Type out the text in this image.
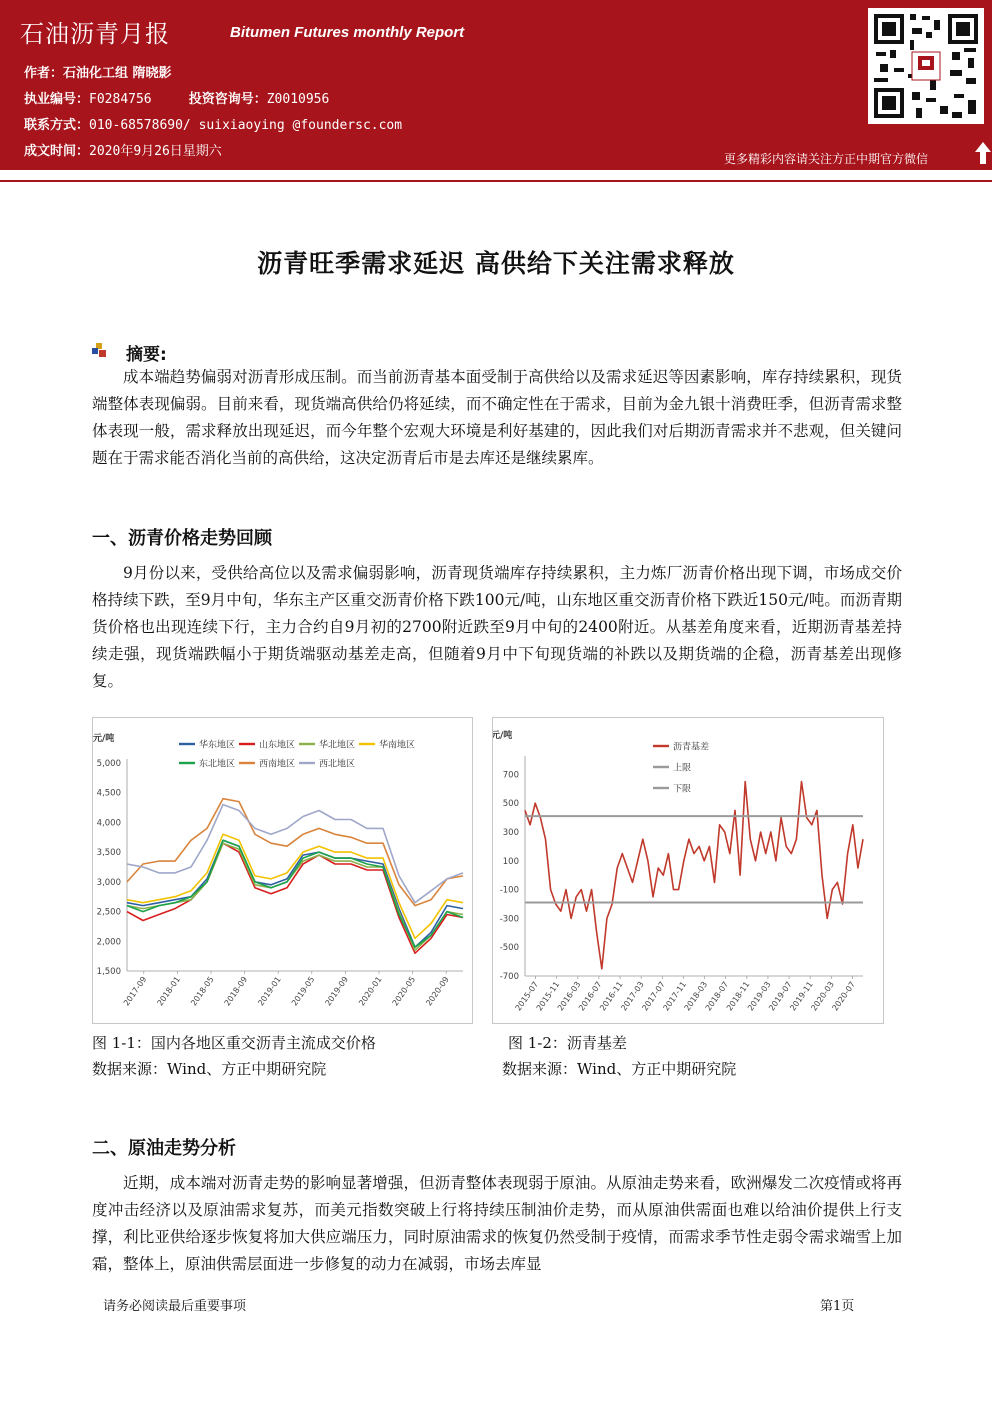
石油沥青月报	Bitumen Futures monthly Report
作者：石油化工组 隋晓影
执业编号：F0284756	投资咨询号：Z0010956
联系方式：010-68578690/ suixiaoying @foundersc.com
成文时间：2020年9月26日星期六	更多精彩内容请关注方正中期官方微信
沥青旺季需求延迟 高供给下关注需求释放
摘要:
成本端趋势偏弱对沥青形成压制。而当前沥青基本面受制于高供给以及需求延迟等因素影响，库存持续累积，现货端整体表现偏弱。目前来看，现货端高供给仍将延续，而不确定性在于需求，目前为金九银十消费旺季，但沥青需求整体表现一般，需求释放出现延迟，而今年整个宏观大环境是利好基建的，因此我们对后期沥青需求并不悲观，但关键问题在于需求能否消化当前的高供给，这决定沥青后市是去库还是继续累库。
一、沥青价格走势回顾
9月份以来，受供给高位以及需求偏弱影响，沥青现货端库存持续累积，主力炼厂沥青价格出现下调，市场成交价格持续下跌，至9月中旬，华东主产区重交沥青价格下跌100元/吨，山东地区重交沥青价格下跌近150元/吨。而沥青期货价格也出现连续下行，主力合约自9月初的2700附近跌至9月中旬的2400附近。从基差角度来看，近期沥青基差持续走强，现货端跌幅小于期货端驱动基差走高，但随着9月中下旬现货端的补跌以及期货端的企稳，沥青基差出现修复。
元/吨
5,000
4,500
4,000
3,500
3,000
2,500
2,000
1,500
2017-09 2018-01 2018-05 2018-09 2019-01 2019-05 2019-09 2020-01 2020-05 2020-09
华东地区	山东地区	华北地区	华南地区
东北地区	西南地区	西北地区
元/吨
700
500
300
100
-100
-300
-500
-700
2015-07
2015-11
2016-03
2016-07
2016-11
2017-03
2017-07
2017-11
2018-03
2018-07
2018-11
2019-03
2019-07
2019-11
2020-03
2020-07
沥青基差
上限
下限
图 1-1：国内各地区重交沥青主流成交价格
数据来源：Wind、方正中期研究院
图 1-2：沥青基差
数据来源：Wind、方正中期研究院
二、原油走势分析
近期，成本端对沥青走势的影响显著增强，但沥青整体表现弱于原油。从原油走势来看，欧洲爆发二次疫情或将再度冲击经济以及原油需求复苏，而美元指数突破上行将持续压制油价走势，而从原油供需面也难以给油价提供上行支撑，利比亚供给逐步恢复将加大供应端压力，同时原油需求的恢复仍然受制于疫情，而需求季节性走弱令需求端雪上加霜，整体上，原油供需层面进一步修复的动力在减弱，市场去库显
请务必阅读最后重要事项	第1页
